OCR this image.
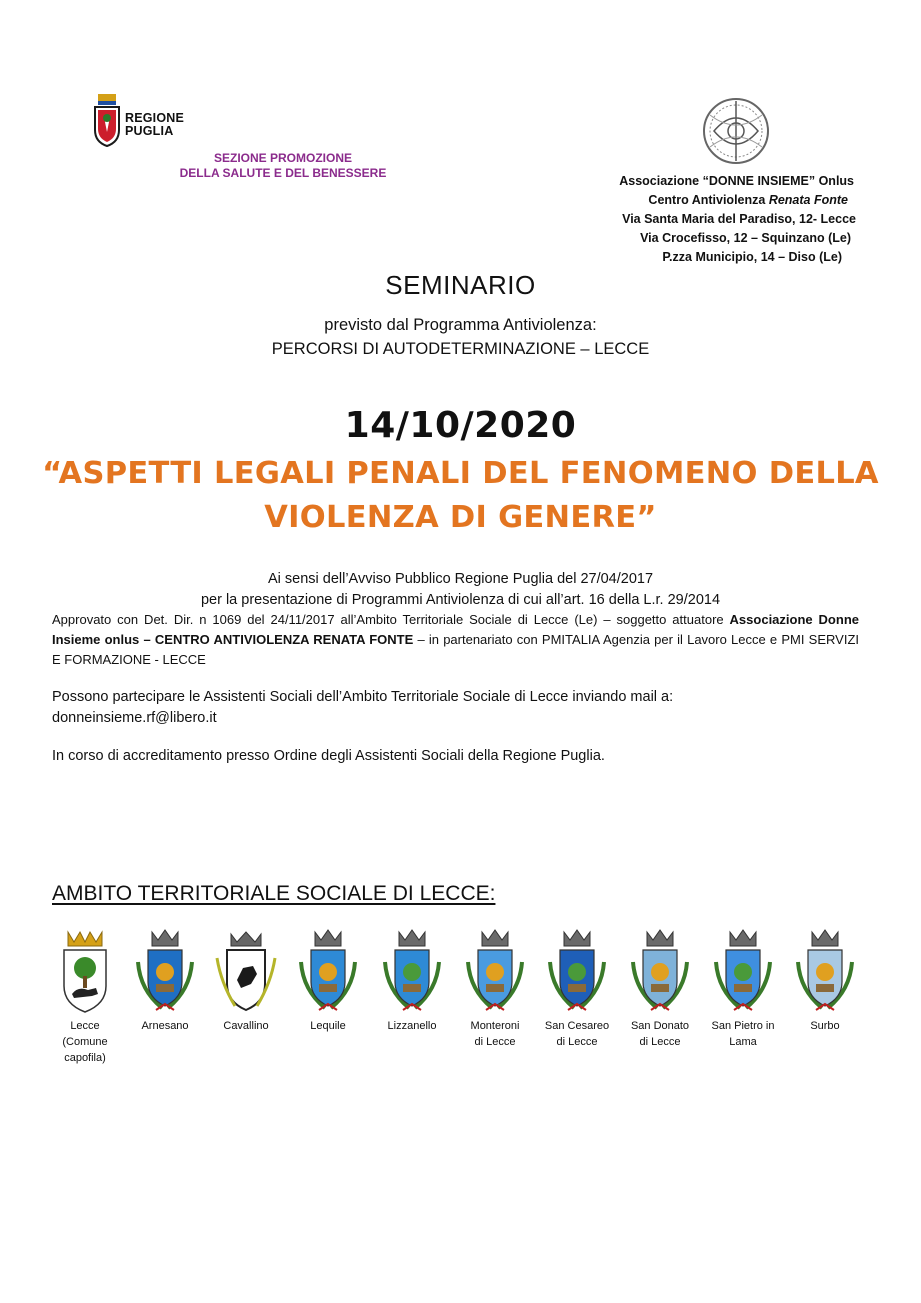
REGIONE
PUGLIA
SEZIONE PROMOZIONE
DELLA SALUTE E DEL BENESSERE
Associazione “DONNE INSIEME” Onlus
Centro Antiviolenza Renata Fonte
Via Santa Maria del Paradiso, 12- Lecce
Via Crocefisso, 12 – Squinzano (Le)
P.zza Municipio, 14 – Diso (Le)
SEMINARIO
previsto dal Programma Antiviolenza:
PERCORSI DI AUTODETERMINAZIONE – LECCE
14/10/2020
“ASPETTI LEGALI PENALI DEL FENOMENO DELLA
VIOLENZA DI GENERE”
Ai sensi dell’Avviso Pubblico Regione Puglia del 27/04/2017
per la presentazione di Programmi Antiviolenza di cui all’art. 16 della L.r. 29/2014
Approvato con Det. Dir. n 1069 del 24/11/2017 all’Ambito Territoriale Sociale di Lecce (Le) – soggetto attuatore Associazione Donne Insieme onlus – CENTRO ANTIVIOLENZA RENATA FONTE – in partenariato con PMITALIA Agenzia per il Lavoro Lecce e PMI SERVIZI E FORMAZIONE - LECCE
Possono partecipare le Assistenti Sociali dell’Ambito Territoriale Sociale di Lecce inviando mail a:
donneinsieme.rf@libero.it
In corso di accreditamento presso Ordine degli Assistenti Sociali della Regione Puglia.
AMBITO TERRITORIALE SOCIALE DI LECCE:
Lecce
(Comune
capofila)
Arnesano	Cavallino	Lequile	Lizzanello	Monteroni
di Lecce
San Cesareo
di Lecce
San Donato
di Lecce
San Pietro in
Lama
Surbo
